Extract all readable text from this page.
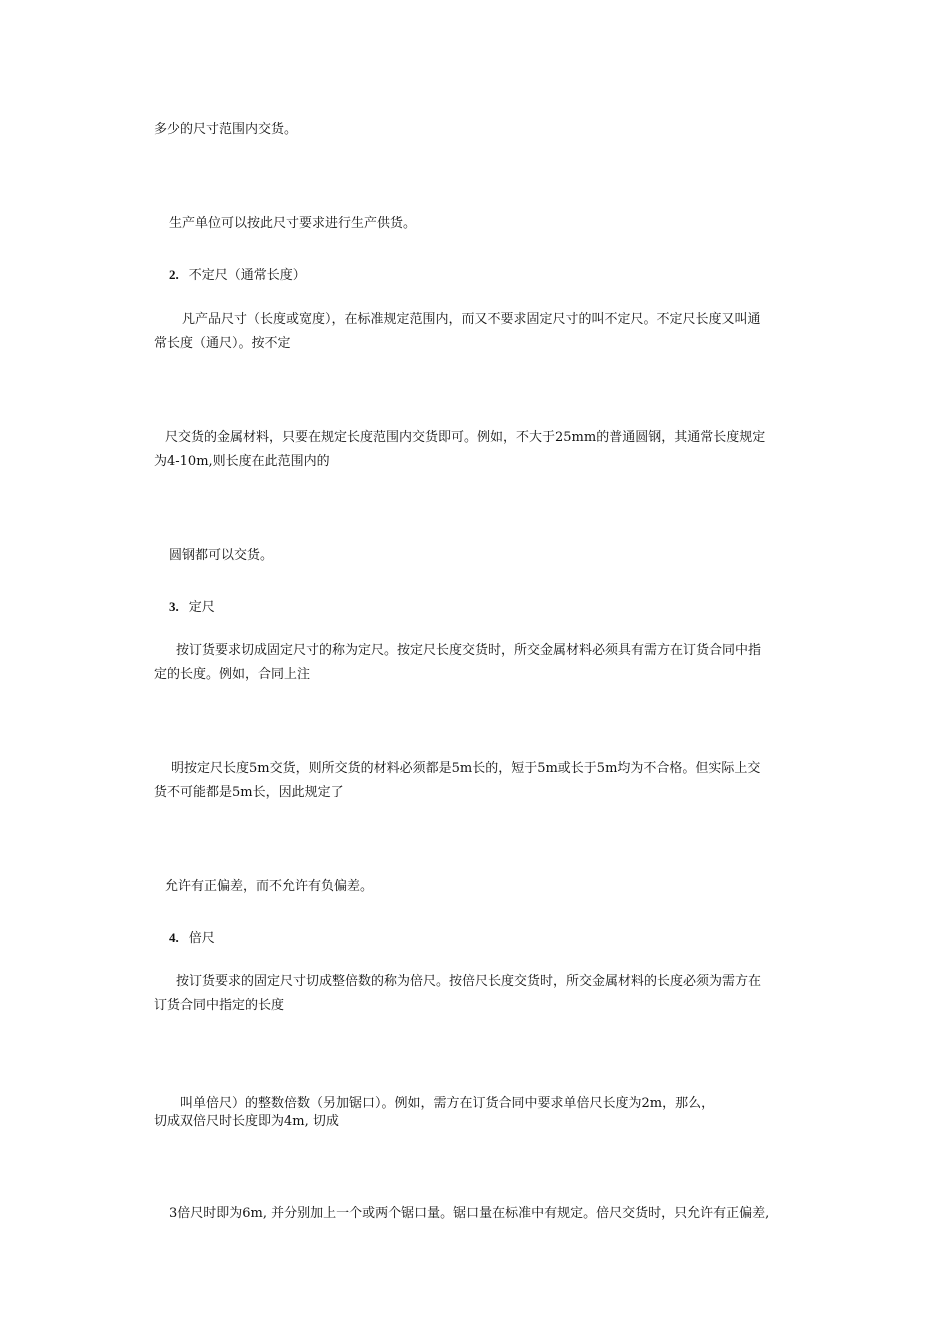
多少的尺寸范围内交货。
生产单位可以按此尺寸要求进行生产供货。
2. 不定尺（通常长度）
凡产品尺寸（长度或宽度），在标准规定范围内，而又不要求固定尺寸的叫不定尺。不定尺长度又叫通
常长度（通尺）。按不定
尺交货的金属材料，只要在规定长度范围内交货即可。例如，不大于25mm的普通圆钢，其通常长度规定
为4-10m,则长度在此范围内的
圆钢都可以交货。
3. 定尺
按订货要求切成固定尺寸的称为定尺。按定尺长度交货时，所交金属材料必须具有需方在订货合同中指
定的长度。例如，合同上注
明按定尺长度5m交货，则所交货的材料必须都是5m长的，短于5m或长于5m均为不合格。但实际上交
货不可能都是5m长，因此规定了
允许有正偏差，而不允许有负偏差。
4. 倍尺
按订货要求的固定尺寸切成整倍数的称为倍尺。按倍尺长度交货时，所交金属材料的长度必须为需方在
订货合同中指定的长度
叫单倍尺）的整数倍数（另加锯口）。例如，需方在订货合同中要求单倍尺长度为2m，那么，
切成双倍尺时长度即为4m, 切成
3倍尺时即为6m, 并分别加上一个或两个锯口量。锯口量在标准中有规定。倍尺交货时，只允许有正偏差,
